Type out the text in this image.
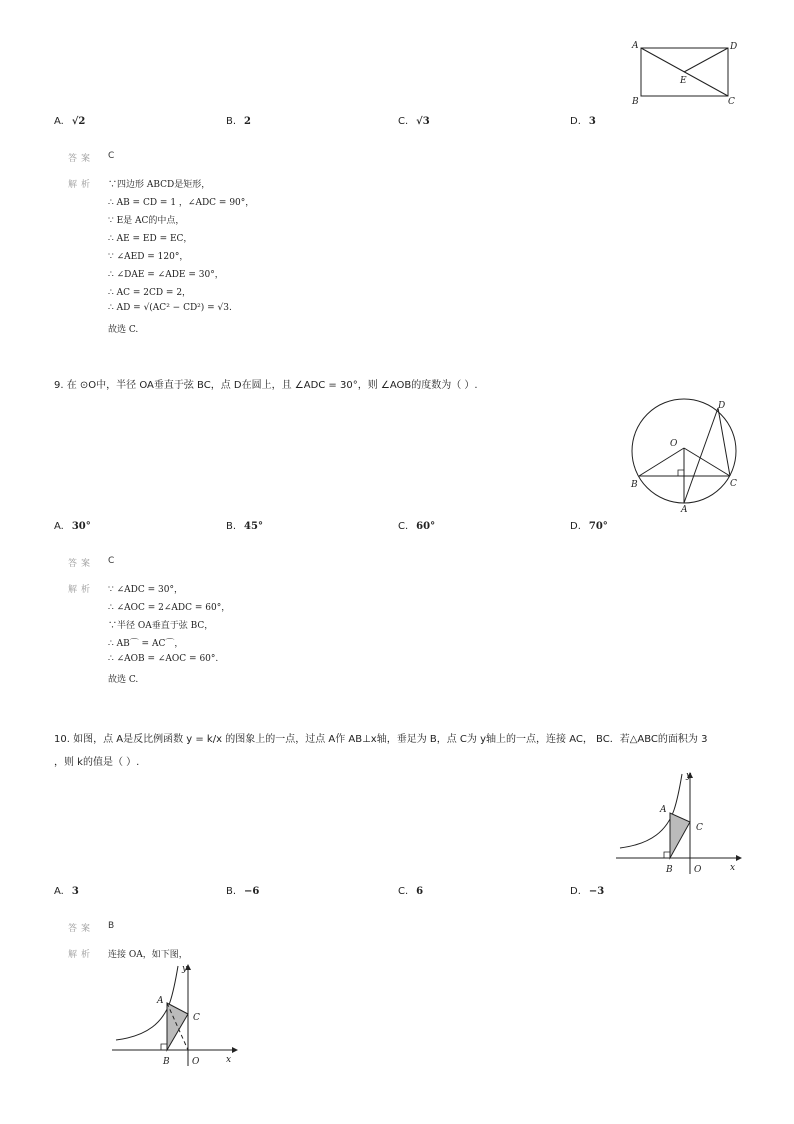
A	D
B	C
E
A. √2	B. 2	C. √3	D. 3
答案 C
解析 ∵四边形 ABCD是矩形，
∴ AB = CD = 1 ，∠ADC = 90°，
∵ E是 AC的中点，
∴ AE = ED = EC，
∵ ∠AED = 120°，
∴ ∠DAE = ∠ADE = 30°，
∴ AC = 2CD = 2，
∴ AD = √(AC² − CD²) = √3.
故选 C.
9. 在 ⊙O中，半径 OA垂直于弦 BC，点 D在圆上，且 ∠ADC = 30°，则 ∠AOB的度数为（ ）.
O
D
B	C
A
A. 30°	B. 45°	C. 60°	D. 70°
答案 C
解析 ∵ ∠ADC = 30°，
∴ ∠AOC = 2∠ADC = 60°，
∵半径 OA垂直于弦 BC，
∴ AB⌒ = AC⌒，
∴ ∠AOB = ∠AOC = 60°.
故选 C.
10. 如图，点 A是反比例函数 y = k/x 的图象上的一点，过点 A作 AB⊥x轴，垂足为 B，点 C为 y轴上的一点，连接 AC， BC．若△ABC的面积为 3
，则 k的值是（ ）.
y
x
A
C
B O
A. 3	B. −6	C. 6	D. −3
答案 B
解析 连接 OA，如下图，
y
x
A
C
B O
